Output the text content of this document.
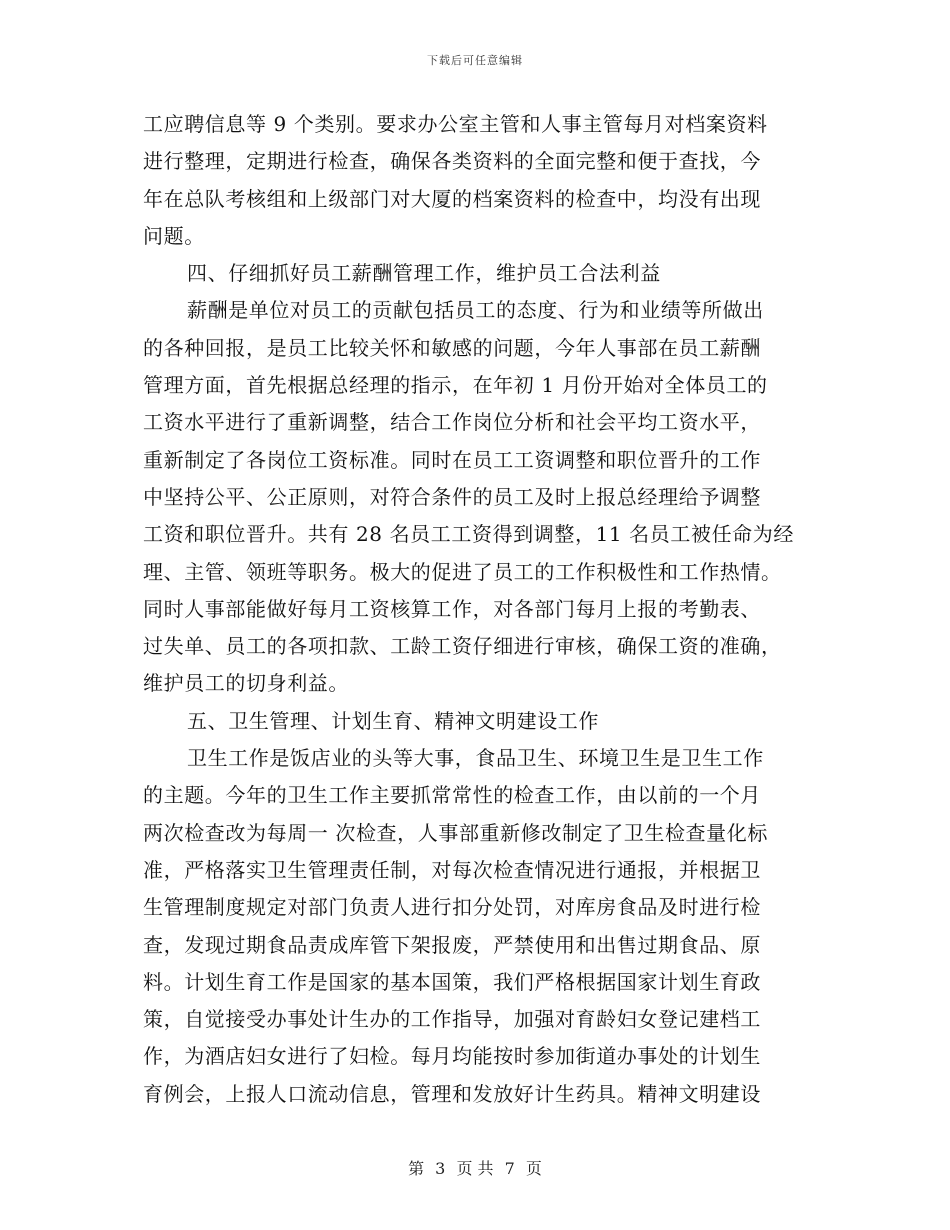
下载后可任意编辑
工应聘信息等 9 个类别。要求办公室主管和人事主管每月对档案资料
进行整理，定期进行检查，确保各类资料的全面完整和便于查找，今
年在总队考核组和上级部门对大厦的档案资料的检查中，均没有出现
问题。
四、仔细抓好员工薪酬管理工作，维护员工合法利益
薪酬是单位对员工的贡献包括员工的态度、行为和业绩等所做出
的各种回报，是员工比较关怀和敏感的问题，今年人事部在员工薪酬
管理方面，首先根据总经理的指示，在年初 1 月份开始对全体员工的
工资水平进行了重新调整，结合工作岗位分析和社会平均工资水平，
重新制定了各岗位工资标准。同时在员工工资调整和职位晋升的工作
中坚持公平、公正原则，对符合条件的员工及时上报总经理给予调整
工资和职位晋升。共有 28 名员工工资得到调整，11 名员工被任命为经
理、主管、领班等职务。极大的促进了员工的工作积极性和工作热情。
同时人事部能做好每月工资核算工作，对各部门每月上报的考勤表、
过失单、员工的各项扣款、工龄工资仔细进行审核，确保工资的准确，
维护员工的切身利益。
五、卫生管理、计划生育、精神文明建设工作
卫生工作是饭店业的头等大事，食品卫生、环境卫生是卫生工作
的主题。今年的卫生工作主要抓常常性的检查工作，由以前的一个月
两次检查改为每周一 次检查，人事部重新修改制定了卫生检查量化标
准，严格落实卫生管理责任制，对每次检查情况进行通报，并根据卫
生管理制度规定对部门负责人进行扣分处罚，对库房食品及时进行检
查，发现过期食品责成库管下架报废，严禁使用和出售过期食品、原
料。计划生育工作是国家的基本国策，我们严格根据国家计划生育政
策，自觉接受办事处计生办的工作指导，加强对育龄妇女登记建档工
作，为酒店妇女进行了妇检。每月均能按时参加街道办事处的计划生
育例会，上报人口流动信息，管理和发放好计生药具。精神文明建设
第 3 页 共 7 页
